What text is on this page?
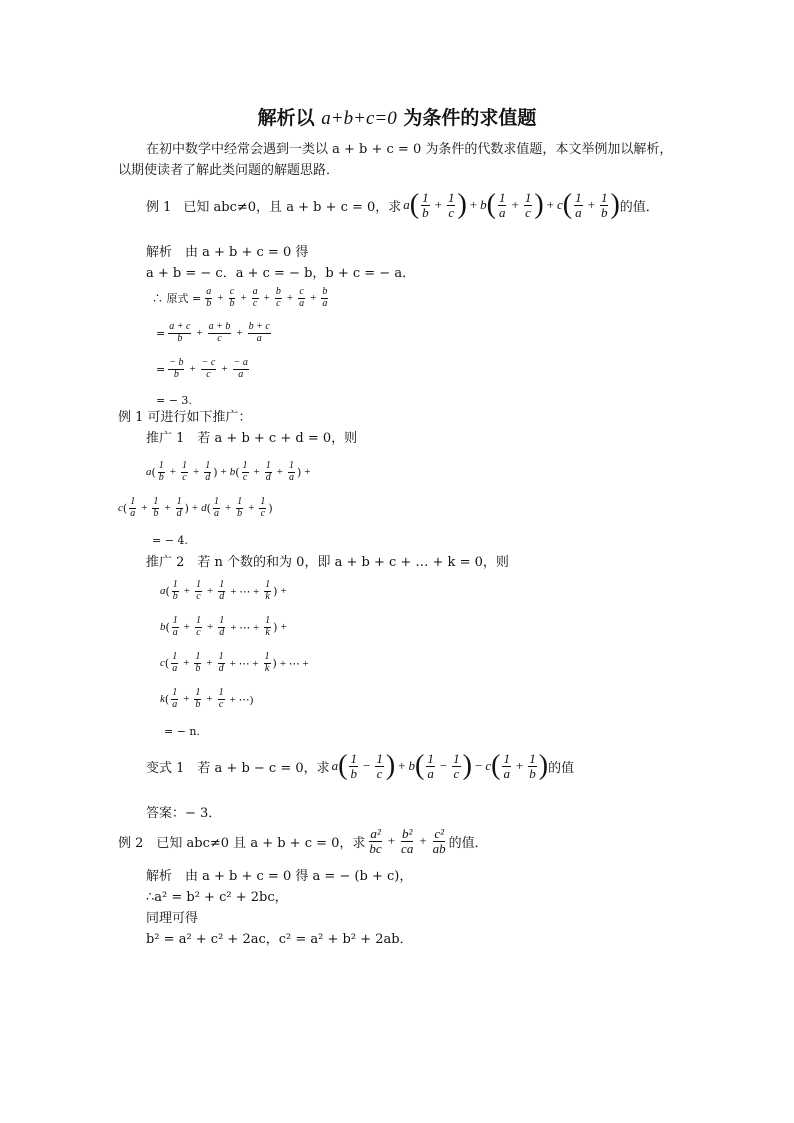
解析以 a+b+c=0 为条件的求值题
在初中数学中经常会遇到一类以 a + b + c = 0 为条件的代数求值题，本文举例加以解析，
以期使读者了解此类问题的解题思路．
例 1 已知 abc≠0，且 a + b + c = 0，求 a ( 1
$b + \frac{1}{c}$ ) + b ( 1
$a + \frac{1}{c}$ ) + c ( 1
$a + \frac{1}{b}$ ) 的值．
解析　由 a + b + c = 0 得
a + b = − c．a + c = − b，b + c = − a．
∴ 原式 = $\frac{a}{b} + \frac{c}{b} + \frac{a}{c} + \frac{b}{c} + \frac{c}{a} + \frac{b}{a}$
= $\frac{a + c}{b} + \frac{a + b}{c} + \frac{b + c}{a}$
= $\frac{- b}{b} + \frac{- c}{c} + \frac{- a}{a}$
= − 3.
例 1 可进行如下推广：
推广 1　若 a + b + c + d = 0，则
a ( 1
$b + \frac{1}{c} + \frac{1}{d}$ ) + b ( 1
$c + \frac{1}{d} + \frac{1}{a}$ ) +
c ( 1
$a + \frac{1}{b} + \frac{1}{d}$ ) + d ( 1
$a + \frac{1}{b} + \frac{1}{c}$ )
= − 4.
推广 2　若 n 个数的和为 0，即 a + b + c + … + k = 0，则
a ( 1
$b + \frac{1}{c} + \frac{1}{d}$ + ⋯ + $\frac{1}{k}$ ) +
b ( 1
$a + \frac{1}{c} + \frac{1}{d}$ + ⋯ + $\frac{1}{k}$ ) +
c ( 1
$a + \frac{1}{b} + \frac{1}{d}$ + ⋯ + $\frac{1}{k}$ ) + ⋯ +
k ( 1
$a + \frac{1}{b} + \frac{1}{c}$ + ⋯)
= − n.
变式 1　若 a + b − c = 0，求 a ( 1
$b - \frac{1}{c}$ ) + b ( 1
$a - \frac{1}{c}$ ) − c ( 1
$a + \frac{1}{b}$ ) 的值
答案：− 3．
例 2　已知 abc≠0 且 a + b + c = 0，求
a²
bc + $\frac{\text{b²}}{ca} + \frac{\text{c²}}{ab}$ 的值．
解析　由 a + b + c = 0 得 a = − (b + c)，
∴a² = b² + c² + 2bc，
同理可得
b² = a² + c² + 2ac，c² = a² + b² + 2ab．
